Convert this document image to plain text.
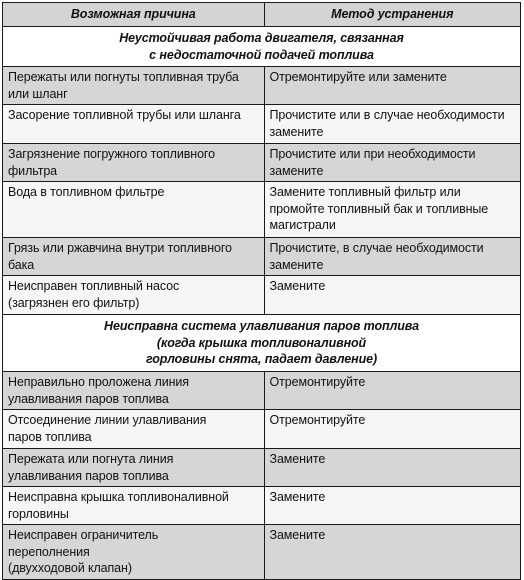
Возможная причина	Метод устранения

Неустойчивая работа двигателя, связанная
с недостаточной подачей топлива	

Пережаты или погнуты топливная труба
или шланг	Отремонтируйте или замените

Засорение топливной трубы или шланга	Прочистите или в случае необходимости
замените

Загрязнение погружного топливного
фильтра	Прочистите или при необходимости
замените

Вода в топливном фильтре	Замените топливный фильтр или
промойте топливный бак и топливные
магистрали

Грязь или ржавчина внутри топливного
бака	Прочистите, в случае необходимости
замените

Неисправен топливный насос
(загрязнен его фильтр)	Замените

Неисправна система улавливания паров топлива
(когда крышка топливоналивной
горловины снята, падает давление)	

Неправильно проложена линия
улавливания паров топлива	Отремонтируйте

Отсоединение линии улавливания
паров топлива	Отремонтируйте

Пережата или погнута линия
улавливания паров топлива	Замените

Неисправна крышка топливоналивной
горловины	Замените

Неисправен ограничитель
переполнения
(двухходовой клапан)	Замените
